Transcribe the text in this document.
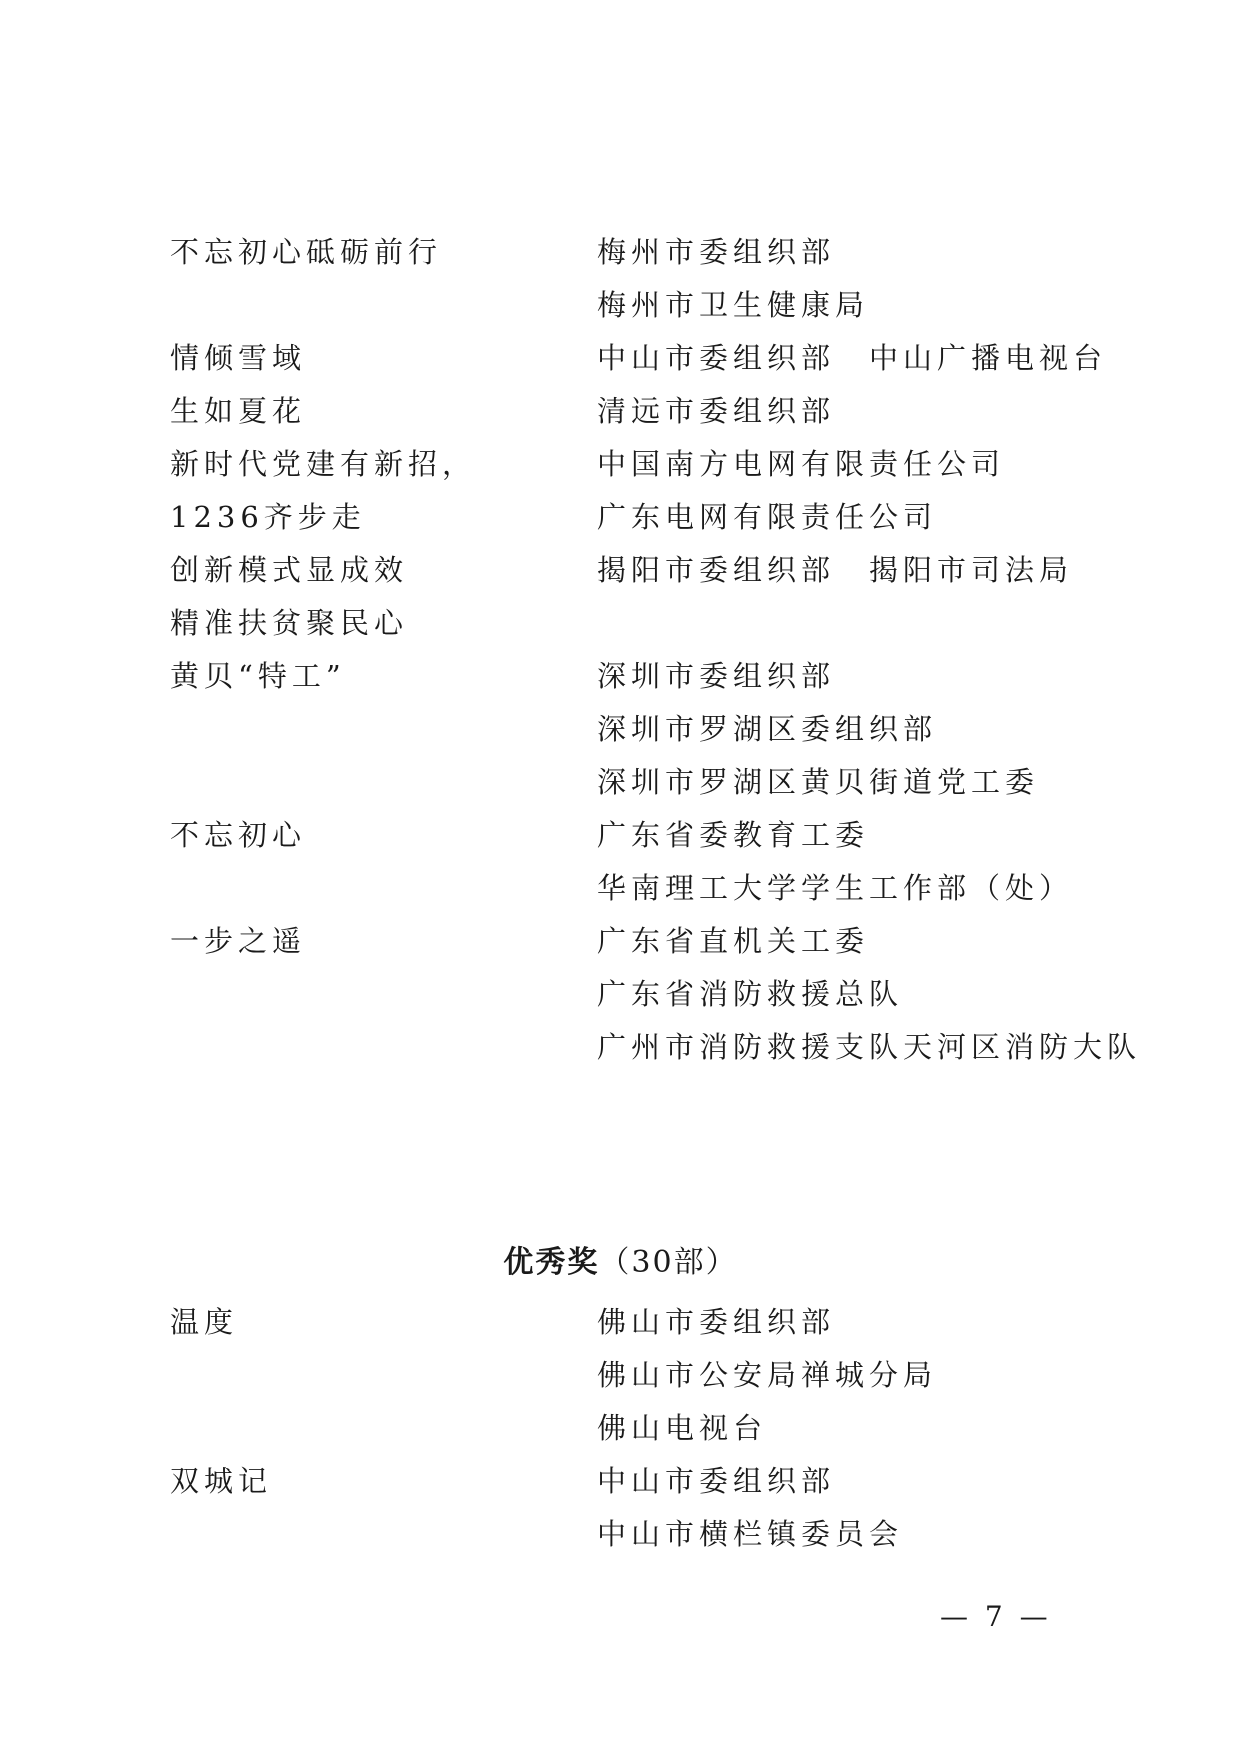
不忘初心砥砺前行	梅州市委组织部
梅州市卫生健康局
情倾雪域	中山市委组织部　中山广播电视台
生如夏花	清远市委组织部
新时代党建有新招，	中国南方电网有限责任公司
1236齐步走	广东电网有限责任公司
创新模式显成效	揭阳市委组织部　揭阳市司法局
精准扶贫聚民心
黄贝“特工”	深圳市委组织部
深圳市罗湖区委组织部
深圳市罗湖区黄贝街道党工委
不忘初心	广东省委教育工委
华南理工大学学生工作部（处）
一步之遥	广东省直机关工委
广东省消防救援总队
广州市消防救援支队天河区消防大队
优秀奖（30部）
温度	佛山市委组织部
佛山市公安局禅城分局
佛山电视台
双城记	中山市委组织部
中山市横栏镇委员会
— 7 —
